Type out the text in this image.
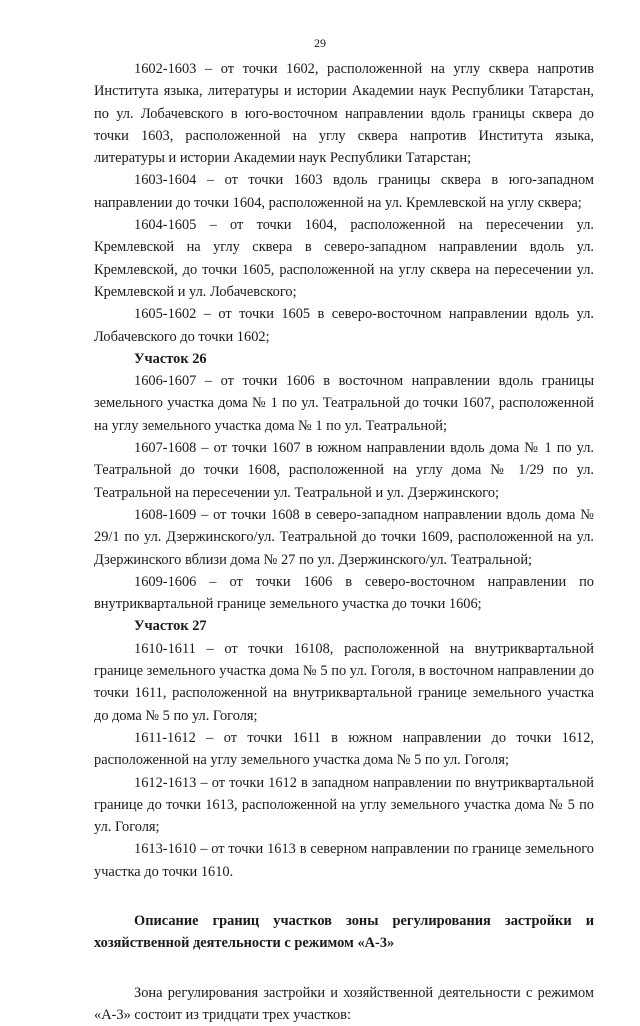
29

1602-1603 – от точки 1602, расположенной на углу сквера напротив Института языка, литературы и истории Академии наук Республики Татарстан, по ул. Лобачевского в юго-восточном направлении вдоль границы сквера до точки 1603, расположенной на углу сквера напротив Института языка, литературы и истории Академии наук Республики Татарстан;

1603-1604 – от точки 1603 вдоль границы сквера в юго-западном направлении до точки 1604, расположенной на ул. Кремлевской на углу сквера;

1604-1605 – от точки 1604, расположенной на пересечении ул. Кремлевской на углу сквера в северо-западном направлении вдоль ул. Кремлевской, до точки 1605, расположенной на углу сквера на пересечении ул. Кремлевской и ул. Лобачевского;

1605-1602 – от точки 1605 в северо-восточном направлении вдоль ул. Лобачевского до точки 1602;

Участок 26

1606-1607 – от точки 1606 в восточном направлении вдоль границы земельного участка дома № 1 по ул. Театральной до точки 1607, расположенной на углу земельного участка дома № 1 по ул. Театральной;

1607-1608 – от точки 1607 в южном направлении вдоль дома № 1 по ул. Театральной до точки 1608, расположенной на углу дома № 1/29 по ул. Театральной на пересечении ул. Театральной и ул. Дзержинского;

1608-1609 – от точки 1608 в северо-западном направлении вдоль дома № 29/1 по ул. Дзержинского/ул. Театральной до точки 1609, расположенной на ул. Дзержинского вблизи дома № 27 по ул. Дзержинского/ул. Театральной;

1609-1606 – от точки 1606 в северо-восточном направлении по внутриквартальной границе земельного участка до точки 1606;

Участок 27

1610-1611 – от точки 16108, расположенной на внутриквартальной границе земельного участка дома № 5 по ул. Гоголя, в восточном направлении до точки 1611, расположенной на внутриквартальной границе земельного участка до дома № 5 по ул. Гоголя;

1611-1612 – от точки 1611 в южном направлении до точки 1612, расположенной на углу земельного участка дома № 5 по ул. Гоголя;

1612-1613 – от точки 1612 в западном направлении по внутриквартальной границе до точки 1613, расположенной на углу земельного участка дома № 5 по ул. Гоголя;

1613-1610 – от точки 1613 в северном направлении по границе земельного участка до точки 1610.

Описание границ участков зоны регулирования застройки и хозяйственной деятельности с режимом «А-3»

Зона регулирования застройки и хозяйственной деятельности с режимом «А-3» состоит из тридцати трех участков:
